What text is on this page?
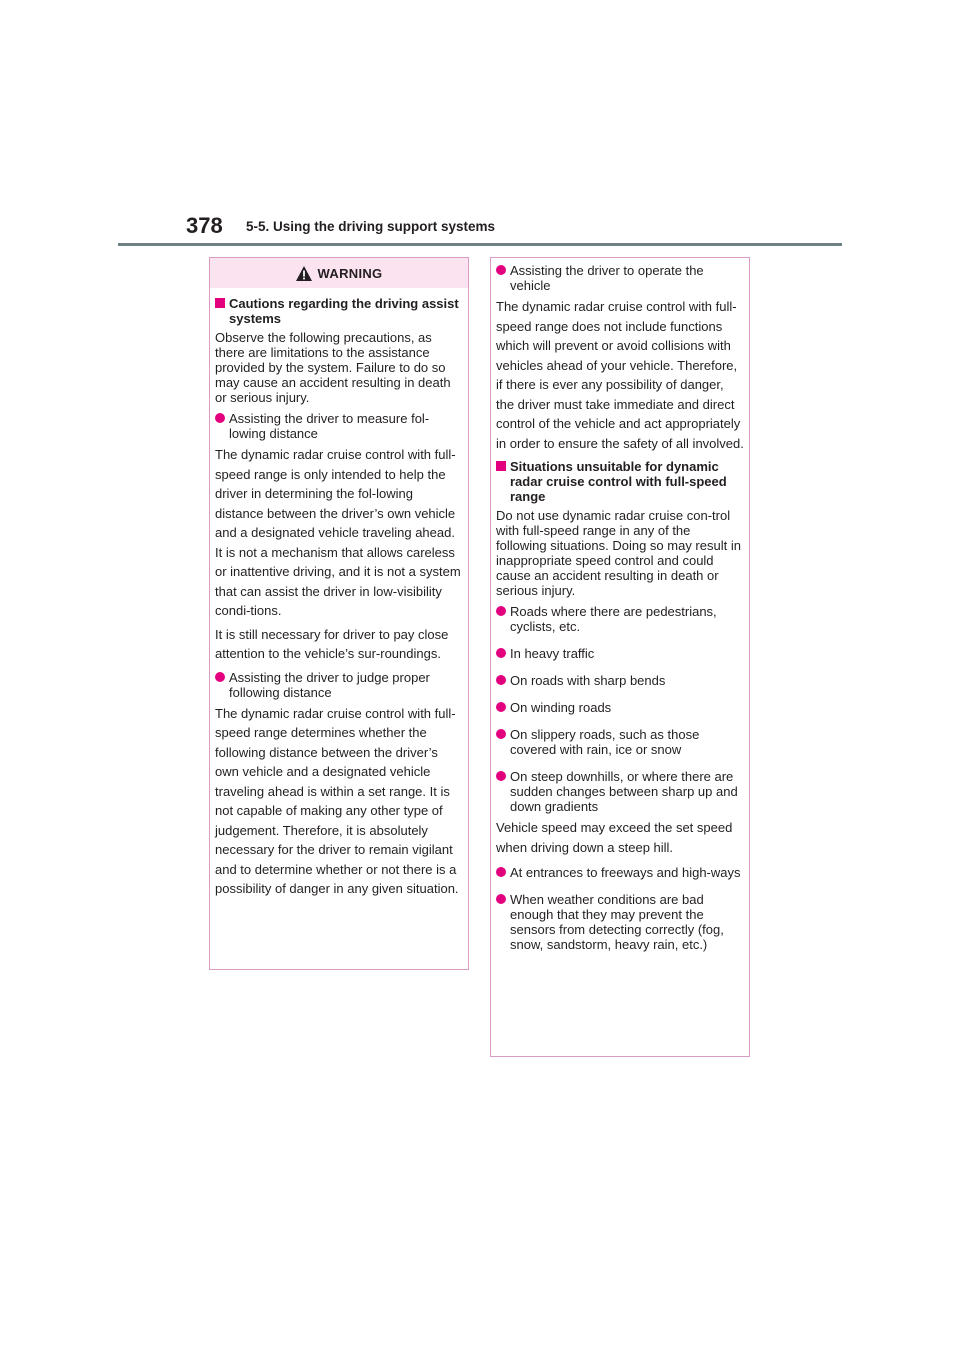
378 5-5. Using the driving support systems
WARNING
Cautions regarding the driving assist systems

Observe the following precautions, as there are limitations to the assistance provided by the system. Failure to do so may cause an accident resulting in death or serious injury.

Assisting the driver to measure fol-lowing distance

The dynamic radar cruise control with full-speed range is only intended to help the driver in determining the fol-lowing distance between the driver’s own vehicle and a designated vehicle traveling ahead. It is not a mechanism that allows careless or inattentive driving, and it is not a system that can assist the driver in low-visibility condi-tions.

It is still necessary for driver to pay close attention to the vehicle’s sur-roundings.

Assisting the driver to judge proper following distance

The dynamic radar cruise control with full-speed range determines whether the following distance between the driver’s own vehicle and a designated vehicle traveling ahead is within a set range. It is not capable of making any other type of judgement. Therefore, it is absolutely necessary for the driver to remain vigilant and to determine whether or not there is a possibility of danger in any given situation.

Assisting the driver to operate the vehicle

The dynamic radar cruise control with full-speed range does not include functions which will prevent or avoid collisions with vehicles ahead of your vehicle. Therefore, if there is ever any possibility of danger, the driver must take immediate and direct control of the vehicle and act appropriately in order to ensure the safety of all involved.

Situations unsuitable for dynamic radar cruise control with full-speed range

Do not use dynamic radar cruise con-trol with full-speed range in any of the following situations. Doing so may result in inappropriate speed control and could cause an accident resulting in death or serious injury.

Roads where there are pedestrians, cyclists, etc.
In heavy traffic
On roads with sharp bends
On winding roads
On slippery roads, such as those covered with rain, ice or snow
On steep downhills, or where there are sudden changes between sharp up and down gradients

Vehicle speed may exceed the set speed when driving down a steep hill.

At entrances to freeways and high-ways
When weather conditions are bad enough that they may prevent the sensors from detecting correctly (fog, snow, sandstorm, heavy rain, etc.)
